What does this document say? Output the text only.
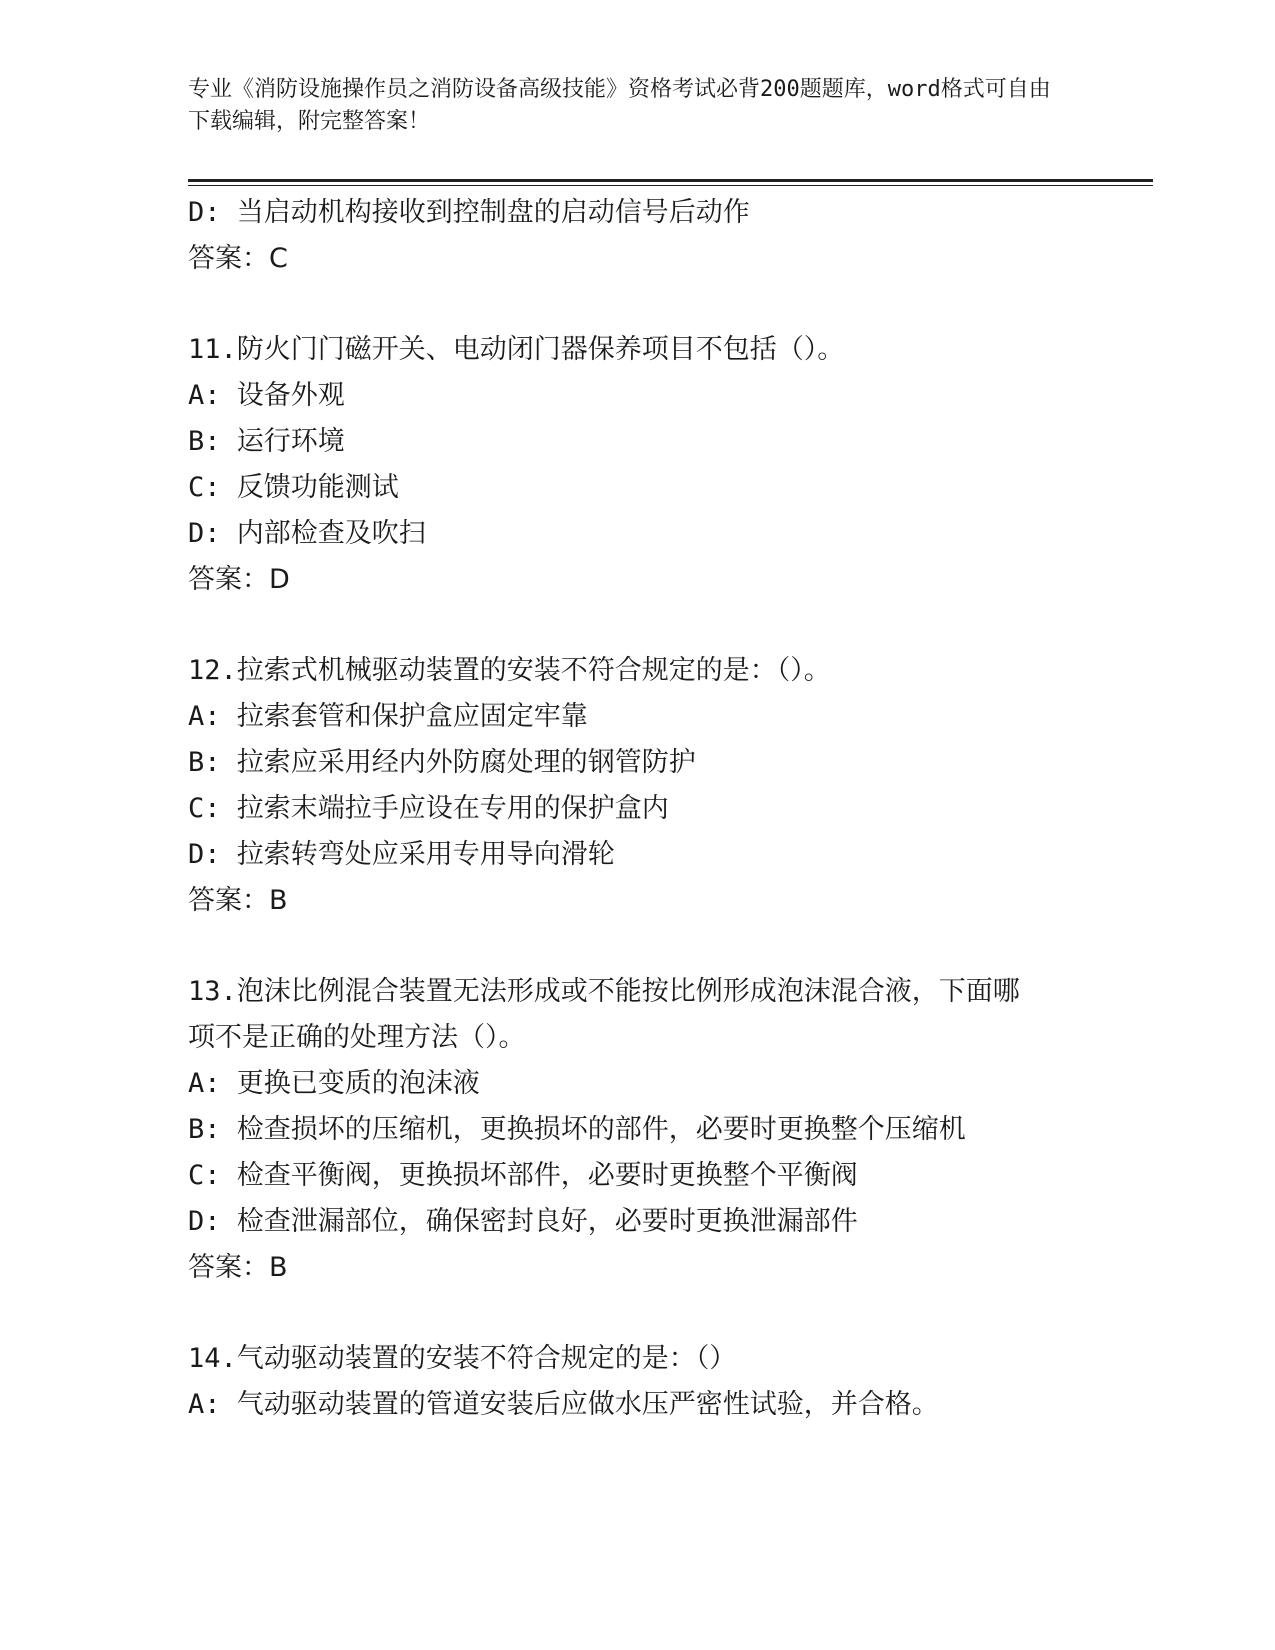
专业《消防设施操作员之消防设备高级技能》资格考试必背200题题库，word格式可自由下载编辑，附完整答案！
D: 当启动机构接收到控制盘的启动信号后动作
答案：C
11.防火门门磁开关、电动闭门器保养项目不包括（）。
A: 设备外观
B: 运行环境
C: 反馈功能测试
D: 内部检查及吹扫
答案：D
12.拉索式机械驱动装置的安装不符合规定的是：（）。
A: 拉索套管和保护盒应固定牢靠
B: 拉索应采用经内外防腐处理的钢管防护
C: 拉索末端拉手应设在专用的保护盒内
D: 拉索转弯处应采用专用导向滑轮
答案：B
13.泡沫比例混合装置无法形成或不能按比例形成泡沫混合液，下面哪
项不是正确的处理方法（）。
A: 更换已变质的泡沫液
B: 检查损坏的压缩机，更换损坏的部件，必要时更换整个压缩机
C: 检查平衡阀，更换损坏部件，必要时更换整个平衡阀
D: 检查泄漏部位，确保密封良好，必要时更换泄漏部件
答案：B
14.气动驱动装置的安装不符合规定的是：（）
A: 气动驱动装置的管道安装后应做水压严密性试验，并合格。
